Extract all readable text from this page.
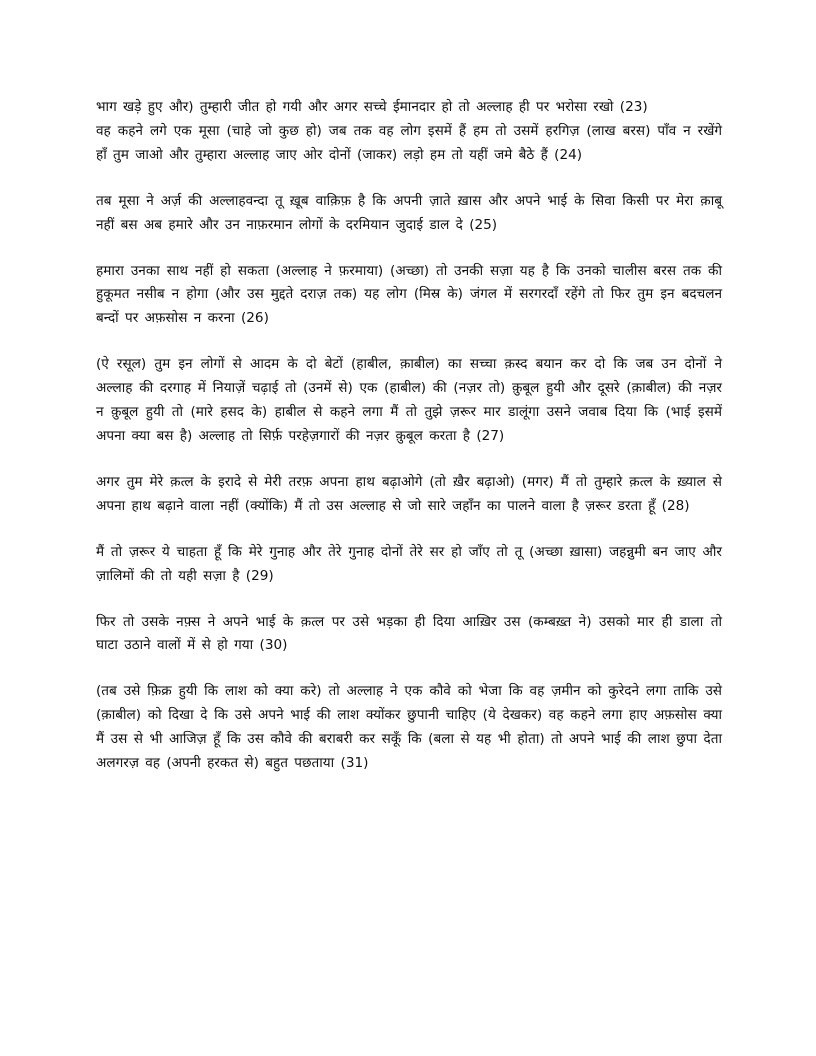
भाग खड़े हुए और) तुम्हारी जीत हो गयी और अगर सच्चे ईमानदार हो तो अल्लाह ही पर भरोसा रखो (23)

वह कहने लगे एक मूसा (चाहे जो कुछ हो) जब तक वह लोग इसमें हैं हम तो उसमें हरगिज़ (लाख बरस) पाँव न रखेंगे हाँ तुम जाओ और तुम्हारा अल्लाह जाए ओर दोनों (जाकर) लड़ो हम तो यहीं जमे बैठे हैं (24)

तब मूसा ने अर्ज़ की अल्लाहवन्दा तू ख़ूब वाक़िफ़ है कि अपनी ज़ाते ख़ास और अपने भाई के सिवा किसी पर मेरा क़ाबू नहीं बस अब हमारे और उन नाफ़रमान लोगों के दरमियान जुदाई डाल दे (25)

हमारा उनका साथ नहीं हो सकता (अल्लाह ने फ़रमाया) (अच्छा) तो उनकी सज़ा यह है कि उनको चालीस बरस तक की हुकूमत नसीब न होगा (और उस मुद्दते दराज़ तक) यह लोग (मिस्र के) जंगल में सरगरदाँ रहेंगे तो फिर तुम इन बदचलन बन्दों पर अफ़सोस न करना (26)

(ऐ रसूल) तुम इन लोगों से आदम के दो बेटों (हाबील, क़ाबील) का सच्चा क़स्द बयान कर दो कि जब उन दोनों ने अल्लाह की दरगाह में नियाज़ें चढ़ाई तो (उनमें से) एक (हाबील) की (नज़र तो) क़ुबूल हुयी और दूसरे (क़ाबील) की नज़र न क़ुबूल हुयी तो (मारे हसद के) हाबील से कहने लगा मैं तो तुझे ज़रूर मार डालूंगा उसने जवाब दिया कि (भाई इसमें अपना क्या बस है) अल्लाह तो सिर्फ़ परहेज़गारों की नज़र क़ुबूल करता है (27)

अगर तुम मेरे क़त्ल के इरादे से मेरी तरफ़ अपना हाथ बढ़ाओगे (तो ख़ैर बढ़ाओ) (मगर) मैं तो तुम्हारे क़त्ल के ख़्याल से अपना हाथ बढ़ाने वाला नहीं (क्योंकि) मैं तो उस अल्लाह से जो सारे जहाँन का पालने वाला है ज़रूर डरता हूँ (28)

मैं तो ज़रूर ये चाहता हूँ कि मेरे गुनाह और तेरे गुनाह दोनों तेरे सर हो जाँए तो तू (अच्छा ख़ासा) जहन्नुमी बन जाए और ज़ालिमों की तो यही सज़ा है (29)

फिर तो उसके नफ़्स ने अपने भाई के क़त्ल पर उसे भड़का ही दिया आख़िर उस (कम्बख़्त ने) उसको मार ही डाला तो घाटा उठाने वालों में से हो गया (30)

(तब उसे फ़िक्र हुयी कि लाश को क्या करे) तो अल्लाह ने एक कौवे को भेजा कि वह ज़मीन को कुरेदने लगा ताकि उसे (क़ाबील) को दिखा दे कि उसे अपने भाई की लाश क्योंकर छुपानी चाहिए (ये देखकर) वह कहने लगा हाए अफ़सोस क्या मैं उस से भी आजिज़ हूँ कि उस कौवे की बराबरी कर सकूँ कि (बला से यह भी होता) तो अपने भाई की लाश छुपा देता अलगरज़ वह (अपनी हरकत से) बहुत पछताया (31)
